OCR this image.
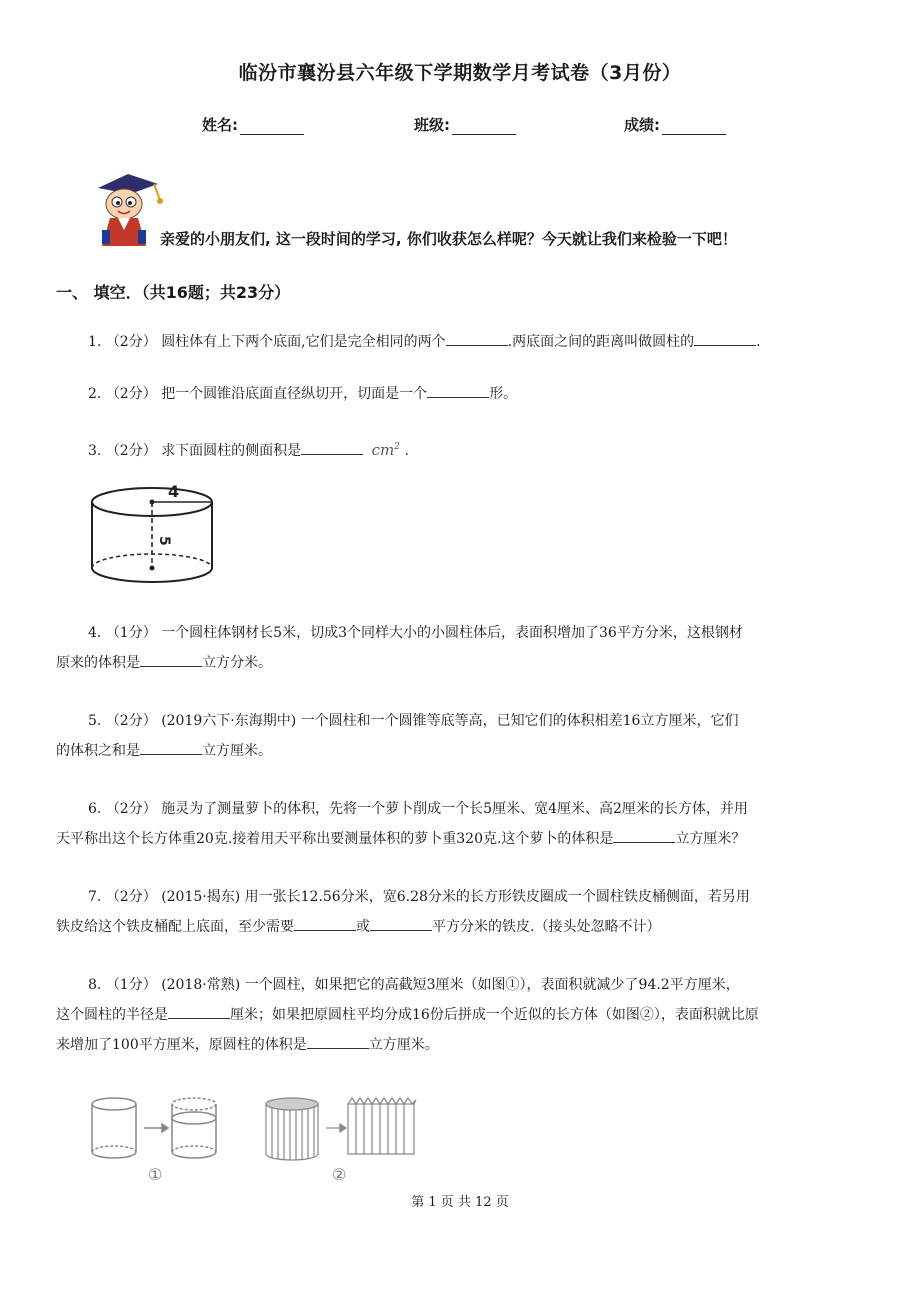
临汾市襄汾县六年级下学期数学月考试卷（3月份）
姓名:	班级:	成绩:
亲爱的小朋友们, 这一段时间的学习, 你们收获怎么样呢？今天就让我们来检验一下吧！
一、 填空．（共16题；共23分）
1. （2分） 圆柱体有上下两个底面,它们是完全相同的两个	.两底面之间的距离叫做圆柱的	.
2. （2分） 把一个圆锥沿底面直径纵切开，切面是一个	形。
3. （2分） 求下面圆柱的侧面积是	$cm^2$ .
4
5
4. （1分） 一个圆柱体钢材长5米，切成3个同样大小的小圆柱体后，表面积增加了36平方分米，这根钢材
原来的体积是	立方分米。
5. （2分） (2019六下·东海期中) 一个圆柱和一个圆锥等底等高，已知它们的体积相差16立方厘米，它们
的体积之和是	立方厘米。
6. （2分） 施灵为了测量萝卜的体积，先将一个萝卜削成一个长5厘米、宽4厘米、高2厘米的长方体，并用
天平称出这个长方体重20克.接着用天平称出要测量体积的萝卜重320克.这个萝卜的体积是	立方厘米？
7. （2分） (2015·揭东) 用一张长12.56分米，宽6.28分米的长方形铁皮圈成一个圆柱铁皮桶侧面，若另用
铁皮给这个铁皮桶配上底面，至少需要	或	平方分米的铁皮.（接头处忽略不计）
8. （1分） (2018·常熟) 一个圆柱，如果把它的高截短3厘米（如图①），表面积就减少了94.2平方厘米，
这个圆柱的半径是	厘米；如果把原圆柱平均分成16份后拼成一个近似的长方体（如图②），表面积就比原
来增加了100平方厘米，原圆柱的体积是	立方厘米。
①	②
第 1 页 共 12 页
